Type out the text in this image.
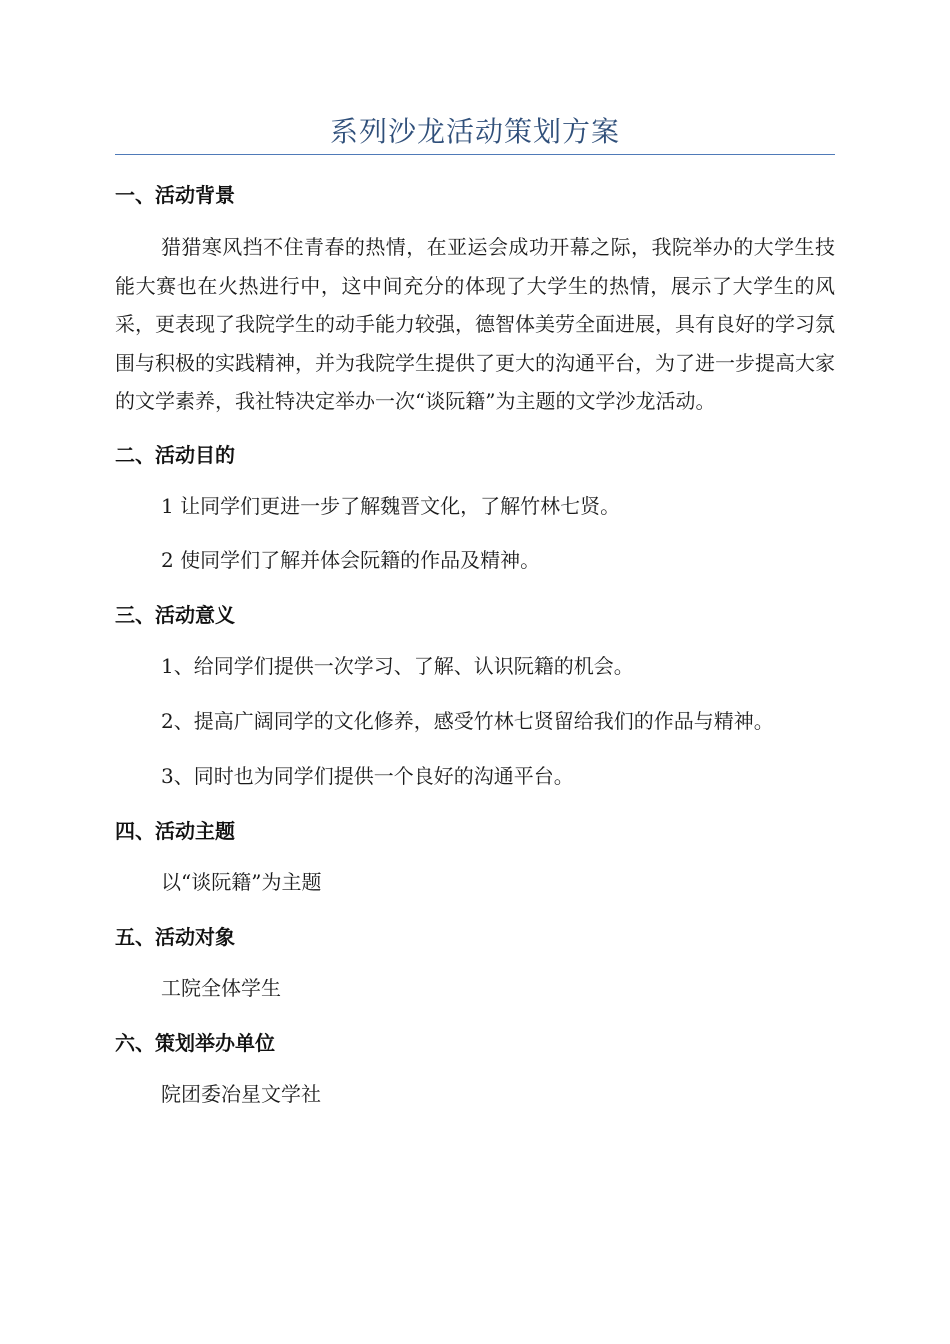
系列沙龙活动策划方案
一、活动背景

猎猎寒风挡不住青春的热情，在亚运会成功开幕之际，我院举办的大学生技能大赛也在火热进行中，这中间充分的体现了大学生的热情，展示了大学生的风采，更表现了我院学生的动手能力较强，德智体美劳全面进展，具有良好的学习氛围与积极的实践精神，并为我院学生提供了更大的沟通平台，为了进一步提高大家的文学素养，我社特决定举办一次“谈阮籍”为主题的文学沙龙活动。

二、活动目的

1 让同学们更进一步了解魏晋文化，了解竹林七贤。

2 使同学们了解并体会阮籍的作品及精神。

三、活动意义

1、给同学们提供一次学习、了解、认识阮籍的机会。

2、提高广阔同学的文化修养，感受竹林七贤留给我们的作品与精神。

3、同时也为同学们提供一个良好的沟通平台。

四、活动主题

以“谈阮籍”为主题

五、活动对象

工院全体学生

六、策划举办单位

院团委冶星文学社
